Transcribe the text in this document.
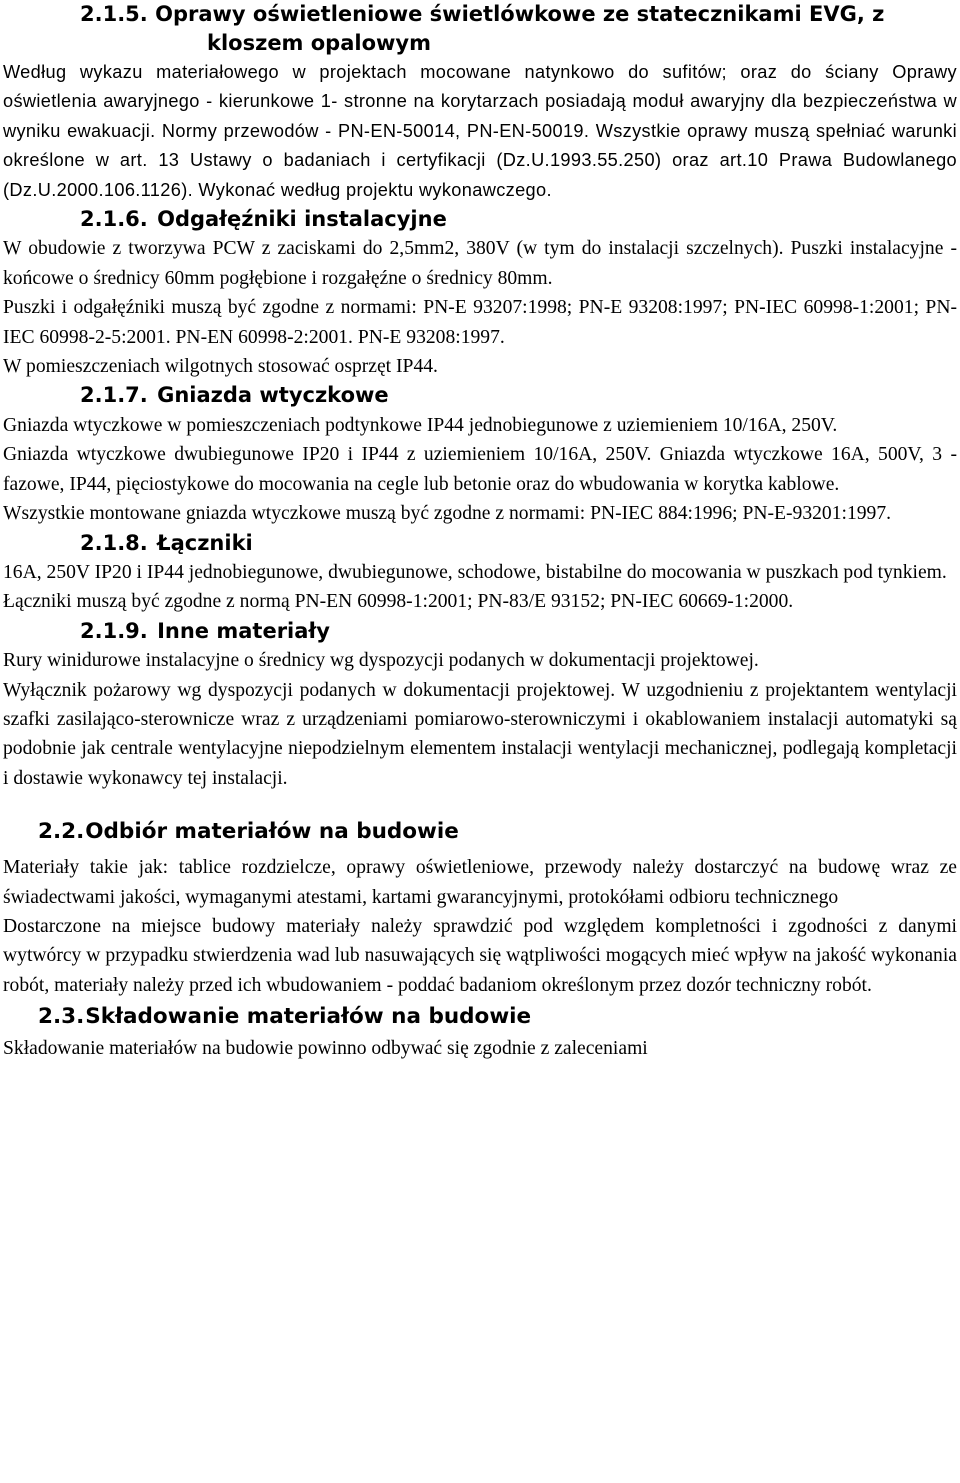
2.1.5. Oprawy oświetleniowe świetlówkowe ze statecznikami EVG, z
kloszem opalowym

Według wykazu materiałowego w projektach mocowane natynkowo do sufitów; oraz do ściany Oprawy oświetlenia awaryjnego - kierunkowe 1- stronne na korytarzach posiadają moduł awaryjny dla bezpieczeństwa w wyniku ewakuacji. Normy przewodów - PN-EN-50014, PN-EN-50019. Wszystkie oprawy muszą spełniać warunki określone w art. 13 Ustawy o badaniach i certyfikacji (Dz.U.1993.55.250) oraz art.10 Prawa Budowlanego (Dz.U.2000.106.1126). Wykonać według projektu wykonawczego.

2.1.6. Odgałęźniki instalacyjne

W obudowie z tworzywa PCW z zaciskami do 2,5mm2, 380V (w tym do instalacji szczelnych). Puszki instalacyjne - końcowe o średnicy 60mm pogłębione i rozgałęźne o średnicy 80mm.

Puszki i odgałęźniki muszą być zgodne z normami: PN-E 93207:1998; PN-E 93208:1997; PN-IEC 60998-1:2001; PN-IEC 60998-2-5:2001. PN-EN 60998-2:2001. PN-E 93208:1997.

W pomieszczeniach wilgotnych stosować osprzęt IP44.

2.1.7. Gniazda wtyczkowe

Gniazda wtyczkowe w pomieszczeniach podtynkowe IP44 jednobiegunowe z uziemieniem 10/16A, 250V.

Gniazda wtyczkowe dwubiegunowe IP20 i IP44 z uziemieniem 10/16A, 250V. Gniazda wtyczkowe 16A, 500V, 3 - fazowe, IP44, pięciostykowe do mocowania na cegle lub betonie oraz do wbudowania w korytka kablowe.

Wszystkie montowane gniazda wtyczkowe muszą być zgodne z normami: PN-IEC 884:1996; PN-E-93201:1997.

2.1.8. Łączniki

16A, 250V IP20 i IP44 jednobiegunowe, dwubiegunowe, schodowe, bistabilne do mocowania w puszkach pod tynkiem.

Łączniki muszą być zgodne z normą PN-EN 60998-1:2001; PN-83/E 93152; PN-IEC 60669-1:2000.

2.1.9. Inne materiały

Rury winidurowe instalacyjne o średnicy wg dyspozycji podanych w dokumentacji projektowej.

Wyłącznik pożarowy wg dyspozycji podanych w dokumentacji projektowej. W uzgodnieniu z projektantem wentylacji szafki zasilająco-sterownicze wraz z urządzeniami pomiarowo-sterowniczymi i okablowaniem instalacji automatyki są podobnie jak centrale wentylacyjne niepodzielnym elementem instalacji wentylacji mechanicznej, podlegają kompletacji i dostawie wykonawcy tej instalacji.

2.2.Odbiór materiałów na budowie

Materiały takie jak: tablice rozdzielcze, oprawy oświetleniowe, przewody należy dostarczyć na budowę wraz ze świadectwami jakości, wymaganymi atestami, kartami gwarancyjnymi, protokółami odbioru technicznego

Dostarczone na miejsce budowy materiały należy sprawdzić pod względem kompletności i zgodności z danymi wytwórcy w przypadku stwierdzenia wad lub nasuwających się wątpliwości mogących mieć wpływ na jakość wykonania robót, materiały należy przed ich wbudowaniem - poddać badaniom określonym przez dozór techniczny robót.

2.3.Składowanie materiałów na budowie

Składowanie materiałów na budowie powinno odbywać się zgodnie z zaleceniami
